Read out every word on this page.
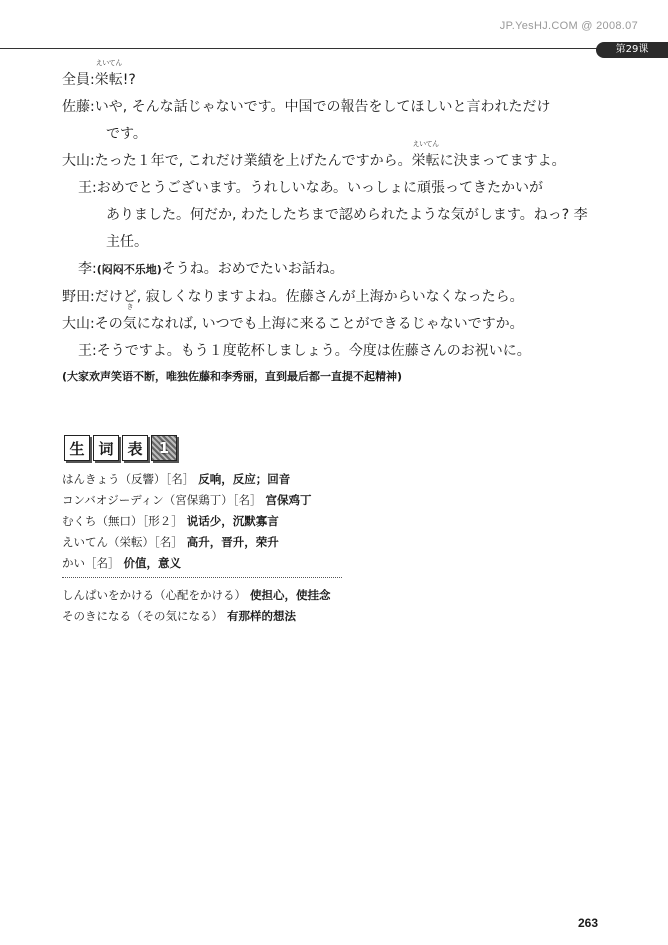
JP.YesHJ.COM @ 2008.07
第29课
全員:
えいてん
栄転!?
佐藤: いや, そんな話じゃないです。中国での報告をしてほしいと言われただけ
です。
大山: たった１年で, これだけ業績を上げたんですから。
えいてん
栄転に決まってますよ。
王: おめでとうございます。うれしいなあ。いっしょに頑張ってきたかいが
ありました。何だか, わたしたちまで認められたような気がします。ねっ? 李
主任。
李: (闷闷不乐地)そうね。おめでたいお話ね。
野田: だけど, 寂しくなりますよね。佐藤さんが上海からいなくなったら。
大山: その
き
気になれば, いつでも上海に来ることができるじゃないですか。
王: そうですよ。もう１度乾杯しましょう。今度は佐藤さんのお祝いに。
(大家欢声笑语不断，唯独佐藤和李秀丽，直到最后都一直提不起精神)
生 词 表	1
はんきょう（反響）［名］ 反响，反应；回音
コンバオジーディン（宮保鶏丁）［名］ 宫保鸡丁
むくち（無口）［形２］ 说话少，沉默寡言
えいてん（栄転）［名］ 高升，晋升，荣升
かい［名］ 价值，意义
しんぱいをかける（心配をかける） 使担心，使挂念
そのきになる（その気になる） 有那样的想法
263
